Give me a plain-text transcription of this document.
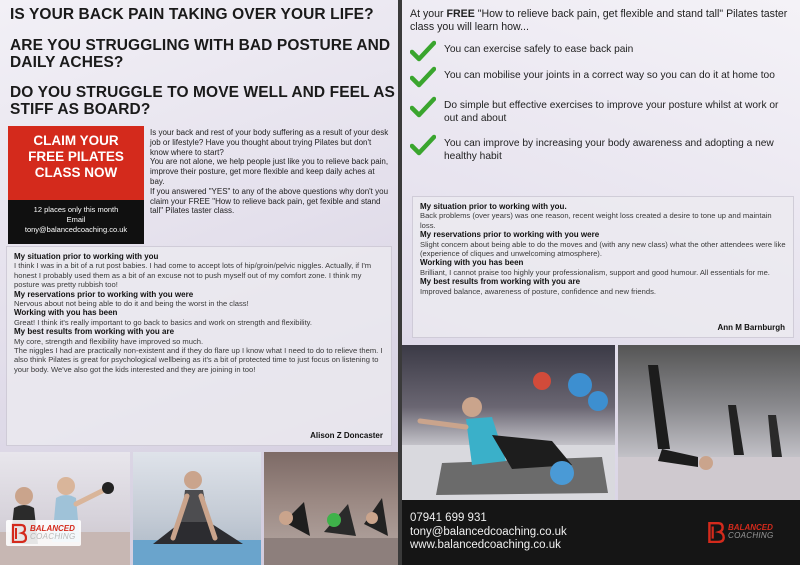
IS YOUR BACK PAIN TAKING OVER YOUR LIFE?
ARE YOU STRUGGLING WITH BAD POSTURE AND DAILY ACHES?
DO YOU STRUGGLE TO MOVE WELL AND FEEL AS STIFF AS BOARD?
CLAIM YOUR FREE PILATES CLASS NOW
12 places only this month
Email
tony@balancedcoaching.co.uk
Is your back and rest of your body suffering as a result of your desk job or lifestyle? Have you thought about trying Pilates but don't know where to start?
You are not alone, we help people just like you to relieve back pain, improve their posture, get more flexible and keep daily aches at bay.
If you answered "YES" to any of the above questions why don't you claim your FREE "How to relieve back pain, get fexible and stand tall" Pilates taster class.
My situation prior to working with you
I think I was in a bit of a rut post babies. I had come to accept lots of hip/groin/pelvic niggles. Actually, if I'm honest I probably used them as a bit of an excuse not to push myself out of my comfort zone. I think my posture was pretty rubbish too!
My reservations prior to working with you were
Nervous about not being able to do it and being the worst in the class!
Working with you has been
Great! I think it's really important to go back to basics and work on strength and flexibility.
My best results from working with you are
My core, strength and flexibility have improved so much.
The niggles I had are practically non-existent and if they do flare up I know what I need to do to relieve them. I also think Pilates is great for psychological wellbeing as it's a bit of protected time to just focus on listening to your body. We've also got the kids interested and they are joining in too!
Alison Z Doncaster
BALANCED
COACHING
At your FREE "How to relieve back pain, get flexible and stand tall" Pilates taster class you will learn how...
You can exercise safely to ease back pain
You can mobilise your joints in a correct way so you can do it at home too
Do simple but effective exercises to improve your posture whilst at work or out and about
You can improve by increasing your body awareness and adopting a new healthy habit
My situation prior to working with you.
Back problems (over years) was one reason, recent weight loss created a desire to tone up and maintain loss.
My reservations prior to working with you were
Slight concern about being able to do the moves and (with any new class) what the other attendees were like (experience of cliques and unwelcoming atmosphere).
Working with you has been
Brilliant, I cannot praise too highly your professionalism, support and good humour. All essentials for me.
My best results from working with you are
Improved balance, awareness of posture, confidence and new friends.
Ann M Barnburgh
07941 699 931
tony@balancedcoaching.co.uk
www.balancedcoaching.co.uk
BALANCED
COACHING
